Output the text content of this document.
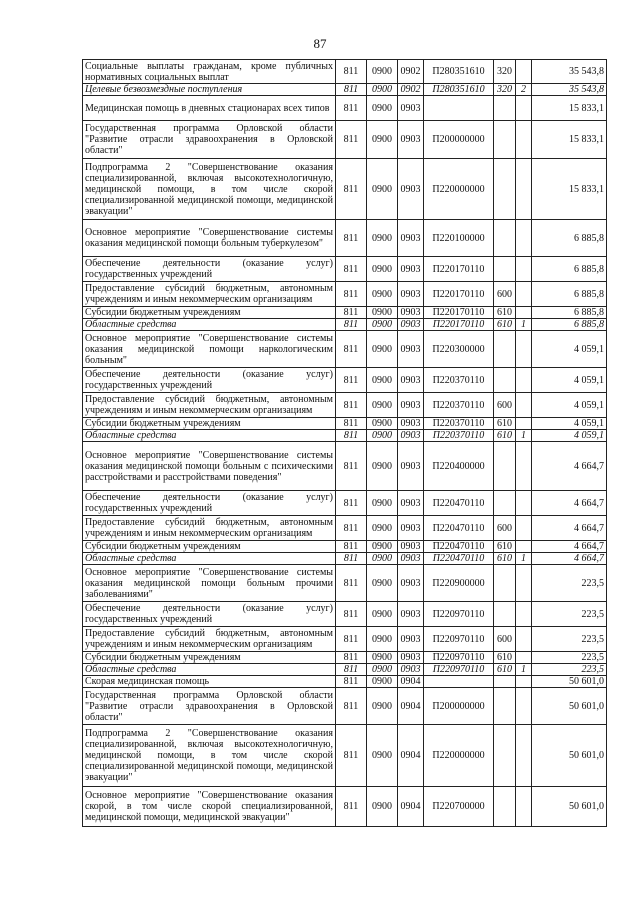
87
Социальные выплаты гражданам, кроме публичных нормативных социальных выплат	811	0900	0902	П280351610	320		35 543,8
Целевые безвозмездные поступления	811	0900	0902	П280351610	320	2	35 543,8
Медицинская помощь в дневных стационарах всех типов	811	0900	0903				15 833,1
Государственная программа Орловской области "Развитие отрасли здравоохранения в Орловской области"	811	0900	0903	П200000000			15 833,1
Подпрограмма 2 "Совершенствование оказания специализированной, включая высокотехнологичную, медицинской помощи, в том числе скорой специализированной медицинской помощи, медицинской эвакуации"	811	0900	0903	П220000000			15 833,1
Основное мероприятие "Совершенствование системы оказания медицинской помощи больным туберкулезом"	811	0900	0903	П220100000			6 885,8
Обеспечение деятельности (оказание услуг) государственных учреждений	811	0900	0903	П220170110			6 885,8
Предоставление субсидий бюджетным, автономным учреждениям и иным некоммерческим организациям	811	0900	0903	П220170110	600		6 885,8
Субсидии бюджетным учреждениям	811	0900	0903	П220170110	610		6 885,8
Областные средства	811	0900	0903	П220170110	610	1	6 885,8
Основное мероприятие "Совершенствование системы оказания медицинской помощи наркологическим больным"	811	0900	0903	П220300000			4 059,1
Обеспечение деятельности (оказание услуг) государственных учреждений	811	0900	0903	П220370110			4 059,1
Предоставление субсидий бюджетным, автономным учреждениям и иным некоммерческим организациям	811	0900	0903	П220370110	600		4 059,1
Субсидии бюджетным учреждениям	811	0900	0903	П220370110	610		4 059,1
Областные средства	811	0900	0903	П220370110	610	1	4 059,1
Основное мероприятие "Совершенствование системы оказания медицинской помощи больным с психическими расстройствами и расстройствами поведения"	811	0900	0903	П220400000			4 664,7
Обеспечение деятельности (оказание услуг) государственных учреждений	811	0900	0903	П220470110			4 664,7
Предоставление субсидий бюджетным, автономным учреждениям и иным некоммерческим организациям	811	0900	0903	П220470110	600		4 664,7
Субсидии бюджетным учреждениям	811	0900	0903	П220470110	610		4 664,7
Областные средства	811	0900	0903	П220470110	610	1	4 664,7
Основное мероприятие "Совершенствование системы оказания медицинской помощи больным прочими заболеваниями"	811	0900	0903	П220900000			223,5
Обеспечение деятельности (оказание услуг) государственных учреждений	811	0900	0903	П220970110			223,5
Предоставление субсидий бюджетным, автономным учреждениям и иным некоммерческим организациям	811	0900	0903	П220970110	600		223,5
Субсидии бюджетным учреждениям	811	0900	0903	П220970110	610		223,5
Областные средства	811	0900	0903	П220970110	610	1	223,5
Скорая медицинская помощь	811	0900	0904				50 601,0
Государственная программа Орловской области "Развитие отрасли здравоохранения в Орловской области"	811	0900	0904	П200000000			50 601,0
Подпрограмма 2 "Совершенствование оказания специализированной, включая высокотехнологичную, медицинской помощи, в том числе скорой специализированной медицинской помощи, медицинской эвакуации"	811	0900	0904	П220000000			50 601,0
Основное мероприятие "Совершенствование оказания скорой, в том числе скорой специализированной, медицинской помощи, медицинской эвакуации"	811	0900	0904	П220700000			50 601,0
